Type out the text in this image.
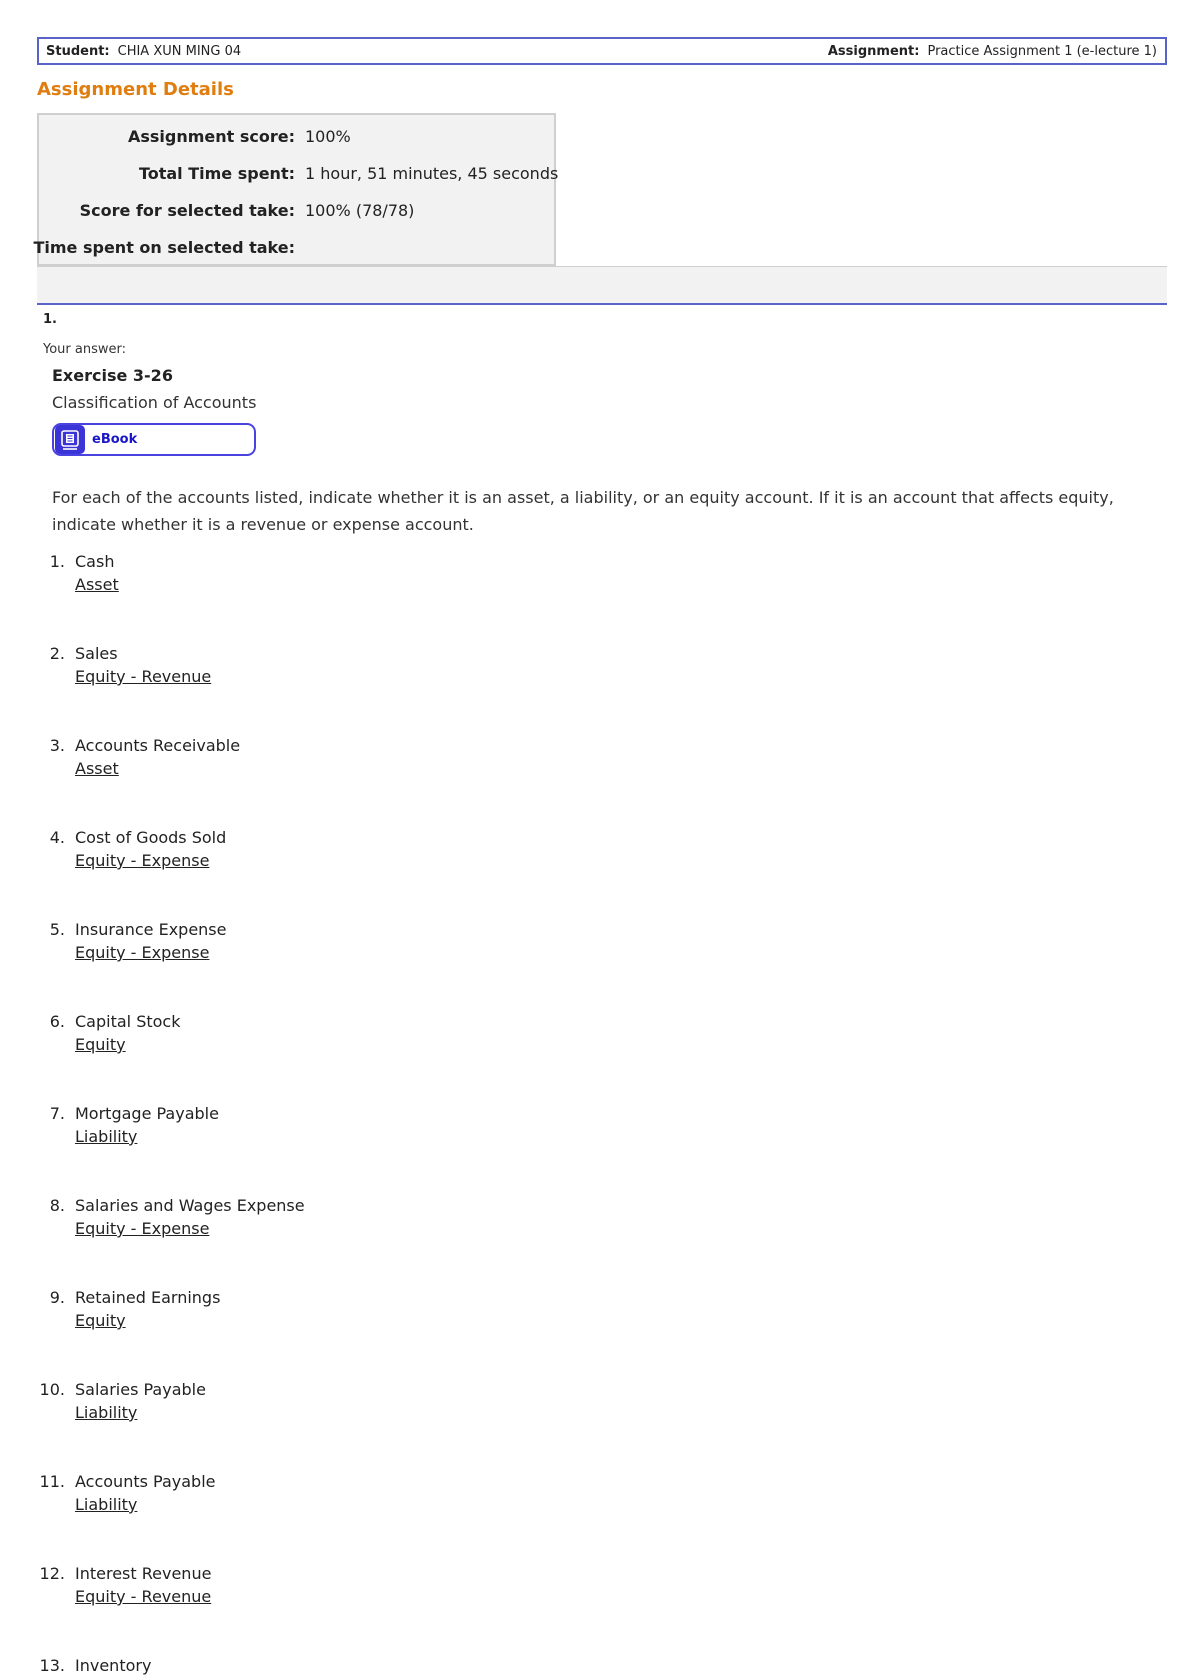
Student: CHIA XUN MING 04	Assignment: Practice Assignment 1 (e-lecture 1)
Assignment Details
Assignment score: 100%
Total Time spent: 1 hour, 51 minutes, 45 seconds
Score for selected take: 100% (78/78)
Time spent on selected take:
1.
Your answer:
Exercise 3-26
Classification of Accounts
eBook

For each of the accounts listed, indicate whether it is an asset, a liability, or an equity account. If it is an account that affects equity, indicate whether it is a revenue or expense account.

1. Cash
Asset
2. Sales
Equity - Revenue
3. Accounts Receivable
Asset
4. Cost of Goods Sold
Equity - Expense
5. Insurance Expense
Equity - Expense
6. Capital Stock
Equity
7. Mortgage Payable
Liability
8. Salaries and Wages Expense
Equity - Expense
9. Retained Earnings
Equity
10. Salaries Payable
Liability
11. Accounts Payable
Liability
12. Interest Revenue
Equity - Revenue
13. Inventory
